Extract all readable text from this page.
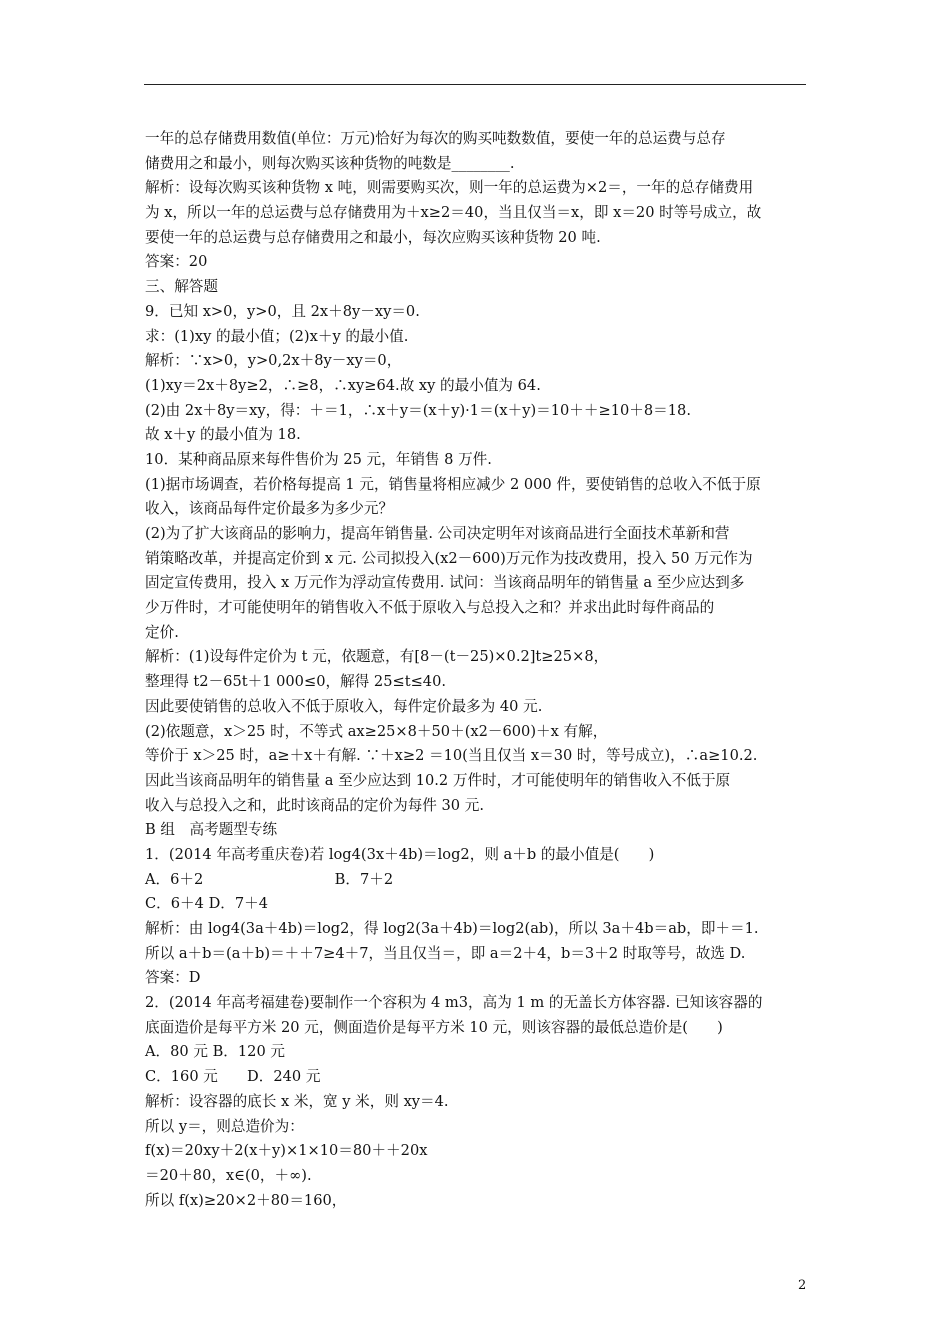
一年的总存储费用数值(单位：万元)恰好为每次的购买吨数数值，要使一年的总运费与总存
储费用之和最小，则每次购买该种货物的吨数是________.
解析：设每次购买该种货物 x 吨，则需要购买次，则一年的总运费为×2＝，一年的总存储费用
为 x，所以一年的总运费与总存储费用为＋x≥2＝40，当且仅当＝x，即 x＝20 时等号成立，故
要使一年的总运费与总存储费用之和最小，每次应购买该种货物 20 吨.
答案：20
三、解答题
9．已知 x>0，y>0，且 2x＋8y－xy＝0.
求：(1)xy 的最小值；(2)x＋y 的最小值.
解析：∵x>0，y>0,2x＋8y－xy＝0，
(1)xy＝2x＋8y≥2，∴≥8，∴xy≥64.故 xy 的最小值为 64.
(2)由 2x＋8y＝xy，得：＋＝1，∴x＋y＝(x＋y)·1＝(x＋y)＝10＋＋≥10＋8＝18.
故 x＋y 的最小值为 18.
10．某种商品原来每件售价为 25 元，年销售 8 万件.
(1)据市场调查，若价格每提高 1 元，销售量将相应减少 2 000 件，要使销售的总收入不低于原
收入，该商品每件定价最多为多少元？
(2)为了扩大该商品的影响力，提高年销售量. 公司决定明年对该商品进行全面技术革新和营
销策略改革，并提高定价到 x 元. 公司拟投入(x2－600)万元作为技改费用，投入 50 万元作为
固定宣传费用，投入 x 万元作为浮动宣传费用. 试问：当该商品明年的销售量 a 至少应达到多
少万件时，才可能使明年的销售收入不低于原收入与总投入之和？并求出此时每件商品的
定价.
解析：(1)设每件定价为 t 元，依题意，有[8－(t－25)×0.2]t≥25×8，
整理得 t2－65t＋1 000≤0，解得 25≤t≤40.
因此要使销售的总收入不低于原收入，每件定价最多为 40 元.
(2)依题意，x＞25 时，不等式 ax≥25×8＋50＋(x2－600)＋x 有解，
等价于 x＞25 时，a≥＋x＋有解. ∵＋x≥2 ＝10(当且仅当 x＝30 时，等号成立)，∴a≥10.2.
因此当该商品明年的销售量 a 至少应达到 10.2 万件时，才可能使明年的销售收入不低于原
收入与总投入之和，此时该商品的定价为每件 30 元.
B 组　高考题型专练
1．(2014 年高考重庆卷)若 log4(3x＋4b)＝log2，则 a＋b 的最小值是(　　)
A．6＋2　　　　　　　　　B．7＋2
C．6＋4 D．7＋4
解析：由 log4(3a＋4b)＝log2，得 log2(3a＋4b)＝log2(ab)，所以 3a＋4b＝ab，即＋＝1.
所以 a＋b＝(a＋b)＝＋＋7≥4＋7，当且仅当＝，即 a＝2＋4，b＝3＋2 时取等号，故选 D.
答案：D
2．(2014 年高考福建卷)要制作一个容积为 4 m3，高为 1 m 的无盖长方体容器. 已知该容器的
底面造价是每平方米 20 元，侧面造价是每平方米 10 元，则该容器的最低总造价是(　　)
A．80 元 B．120 元
C．160 元　　D．240 元
解析：设容器的底长 x 米，宽 y 米，则 xy＝4.
所以 y＝，则总造价为：
f(x)＝20xy＋2(x＋y)×1×10＝80＋＋20x
＝20＋80，x∈(0，＋∞).
所以 f(x)≥20×2＋80＝160，
2
